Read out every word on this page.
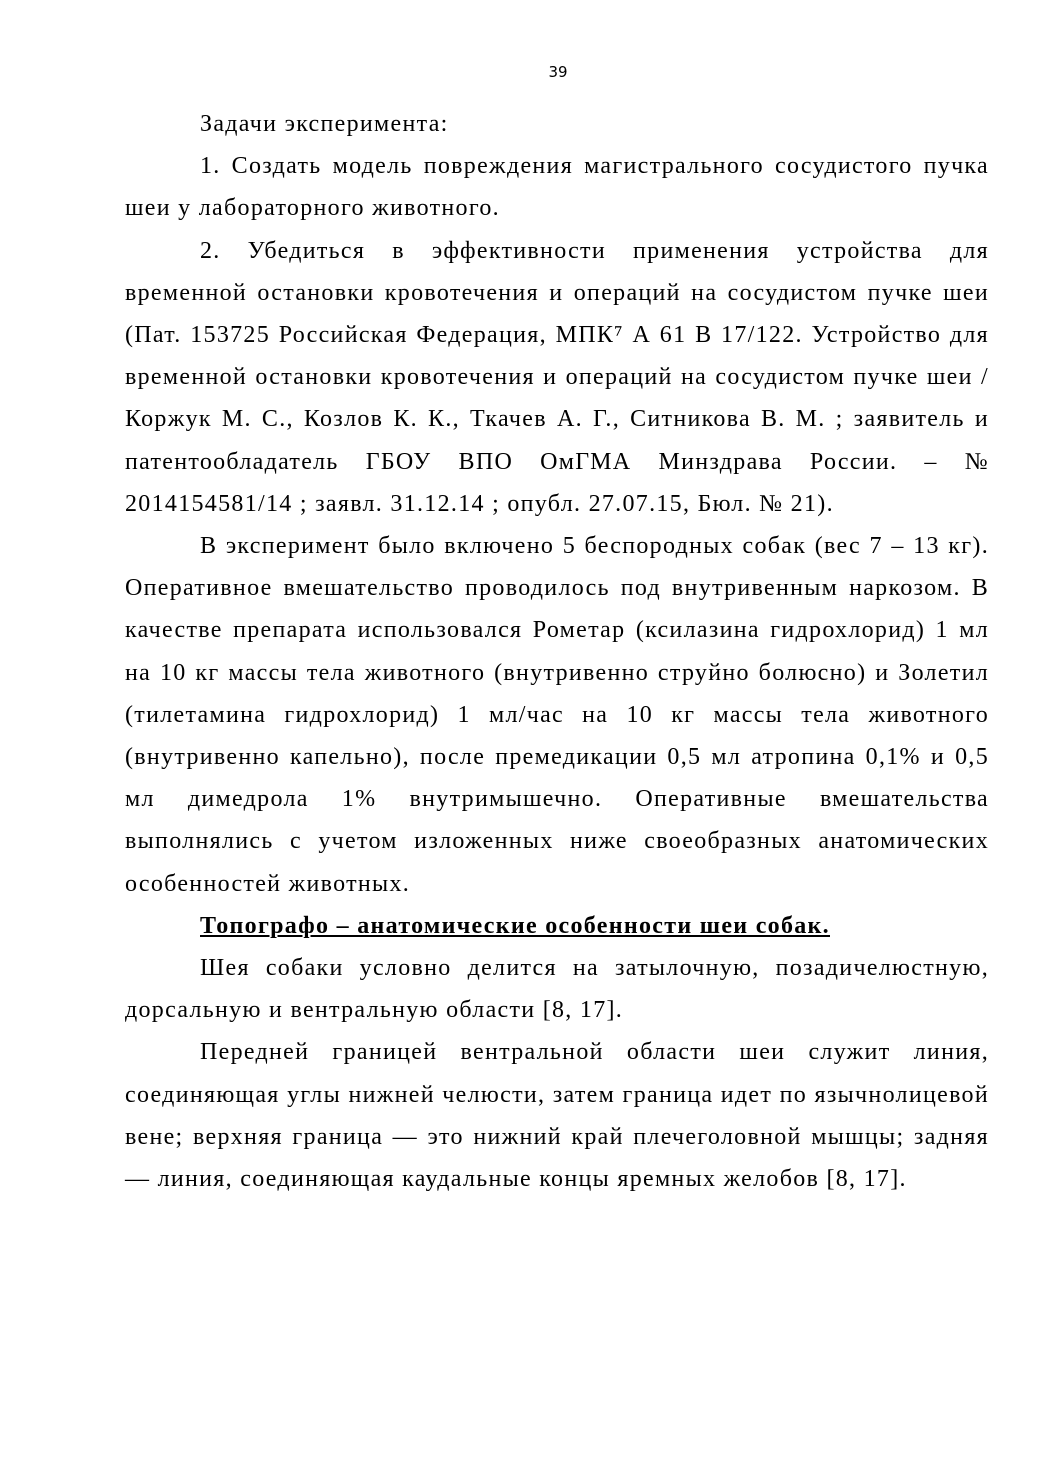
39

Задачи эксперимента:

1. Создать модель повреждения магистрального сосудистого пучка шеи у лабораторного животного.

2. Убедиться в эффективности применения устройства для временной остановки кровотечения и операций на сосудистом пучке шеи (Пат. 153725 Российская Федерация, МПК⁷ А 61 В 17/122. Устройство для временной остановки кровотечения и операций на сосудистом пучке шеи / Коржук М. С., Козлов К. К., Ткачев А. Г., Ситникова В. М. ; заявитель и патентообладатель ГБОУ ВПО ОмГМА Минздрава России. – № 2014154581/14 ; заявл. 31.12.14 ; опубл. 27.07.15, Бюл. № 21).

В эксперимент было включено 5 беспородных собак (вес 7 – 13 кг). Оперативное вмешательство проводилось под внутривенным наркозом. В качестве препарата использовался Рометар (ксилазина гидрохлорид) 1 мл на 10 кг массы тела животного (внутривенно струйно болюсно) и Золетил (тилетамина гидрохлорид) 1 мл/час на 10 кг массы тела животного (внутривенно капельно), после премедикации 0,5 мл атропина 0,1% и 0,5 мл димедрола 1% внутримышечно. Оперативные вмешательства выполнялись с учетом изложенных ниже своеобразных анатомических особенностей животных.

Топографо – анатомические особенности шеи собак.

Шея собаки условно делится на затылочную, позадичелюстную, дорсальную и вентральную области [8, 17].

Передней границей вентральной области шеи служит линия, соединяющая углы нижней челюсти, затем граница идет по язычнолицевой вене; верхняя граница — это нижний край плечеголовной мышцы; задняя — линия, соединяющая каудальные концы яремных желобов [8, 17].
